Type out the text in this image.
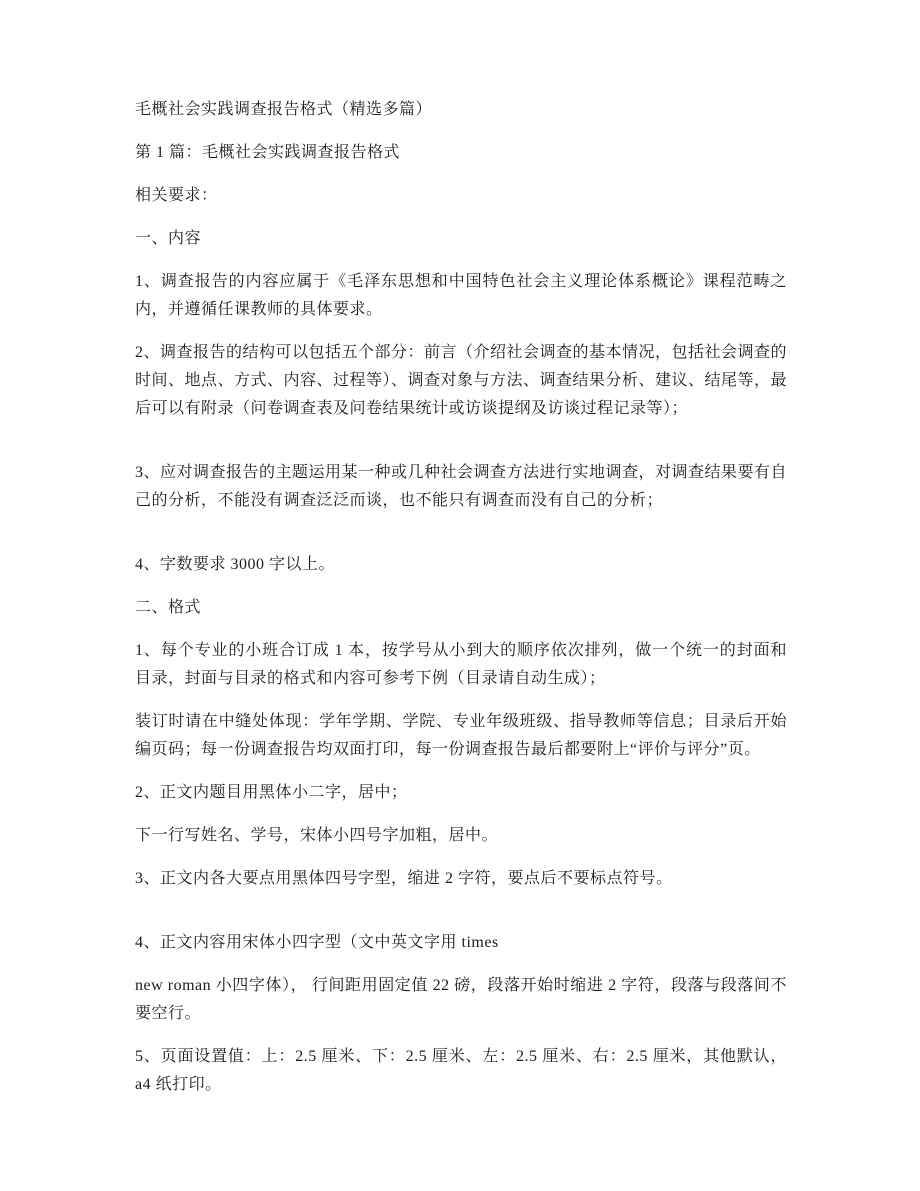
毛概社会实践调查报告格式（精选多篇）

第 1 篇：毛概社会实践调查报告格式

相关要求：

一、内容

1、调查报告的内容应属于《毛泽东思想和中国特色社会主义理论体系概论》课程范畴之内，并遵循任课教师的具体要求。

2、调查报告的结构可以包括五个部分：前言（介绍社会调查的基本情况，包括社会调查的时间、地点、方式、内容、过程等）、调查对象与方法、调查结果分析、建议、结尾等，最后可以有附录（问卷调查表及问卷结果统计或访谈提纲及访谈过程记录等）；

3、应对调查报告的主题运用某一种或几种社会调查方法进行实地调查，对调查结果要有自己的分析，不能没有调查泛泛而谈，也不能只有调查而没有自己的分析；

4、字数要求 3000 字以上。

二、格式

1、每个专业的小班合订成 1 本，按学号从小到大的顺序依次排列，做一个统一的封面和目录，封面与目录的格式和内容可参考下例（目录请自动生成）；

装订时请在中缝处体现：学年学期、学院、专业年级班级、指导教师等信息；目录后开始编页码；每一份调查报告均双面打印，每一份调查报告最后都要附上“评价与评分”页。

2、正文内题目用黑体小二字，居中；

下一行写姓名、学号，宋体小四号字加粗，居中。

3、正文内各大要点用黑体四号字型，缩进 2 字符，要点后不要标点符号。

4、正文内容用宋体小四字型（文中英文字用 times

new roman 小四字体）， 行间距用固定值 22 磅，段落开始时缩进 2 字符，段落与段落间不要空行。

5、页面设置值：上：2.5 厘米、下：2.5 厘米、左：2.5 厘米、右：2.5 厘米，其他默认，a4 纸打印。
